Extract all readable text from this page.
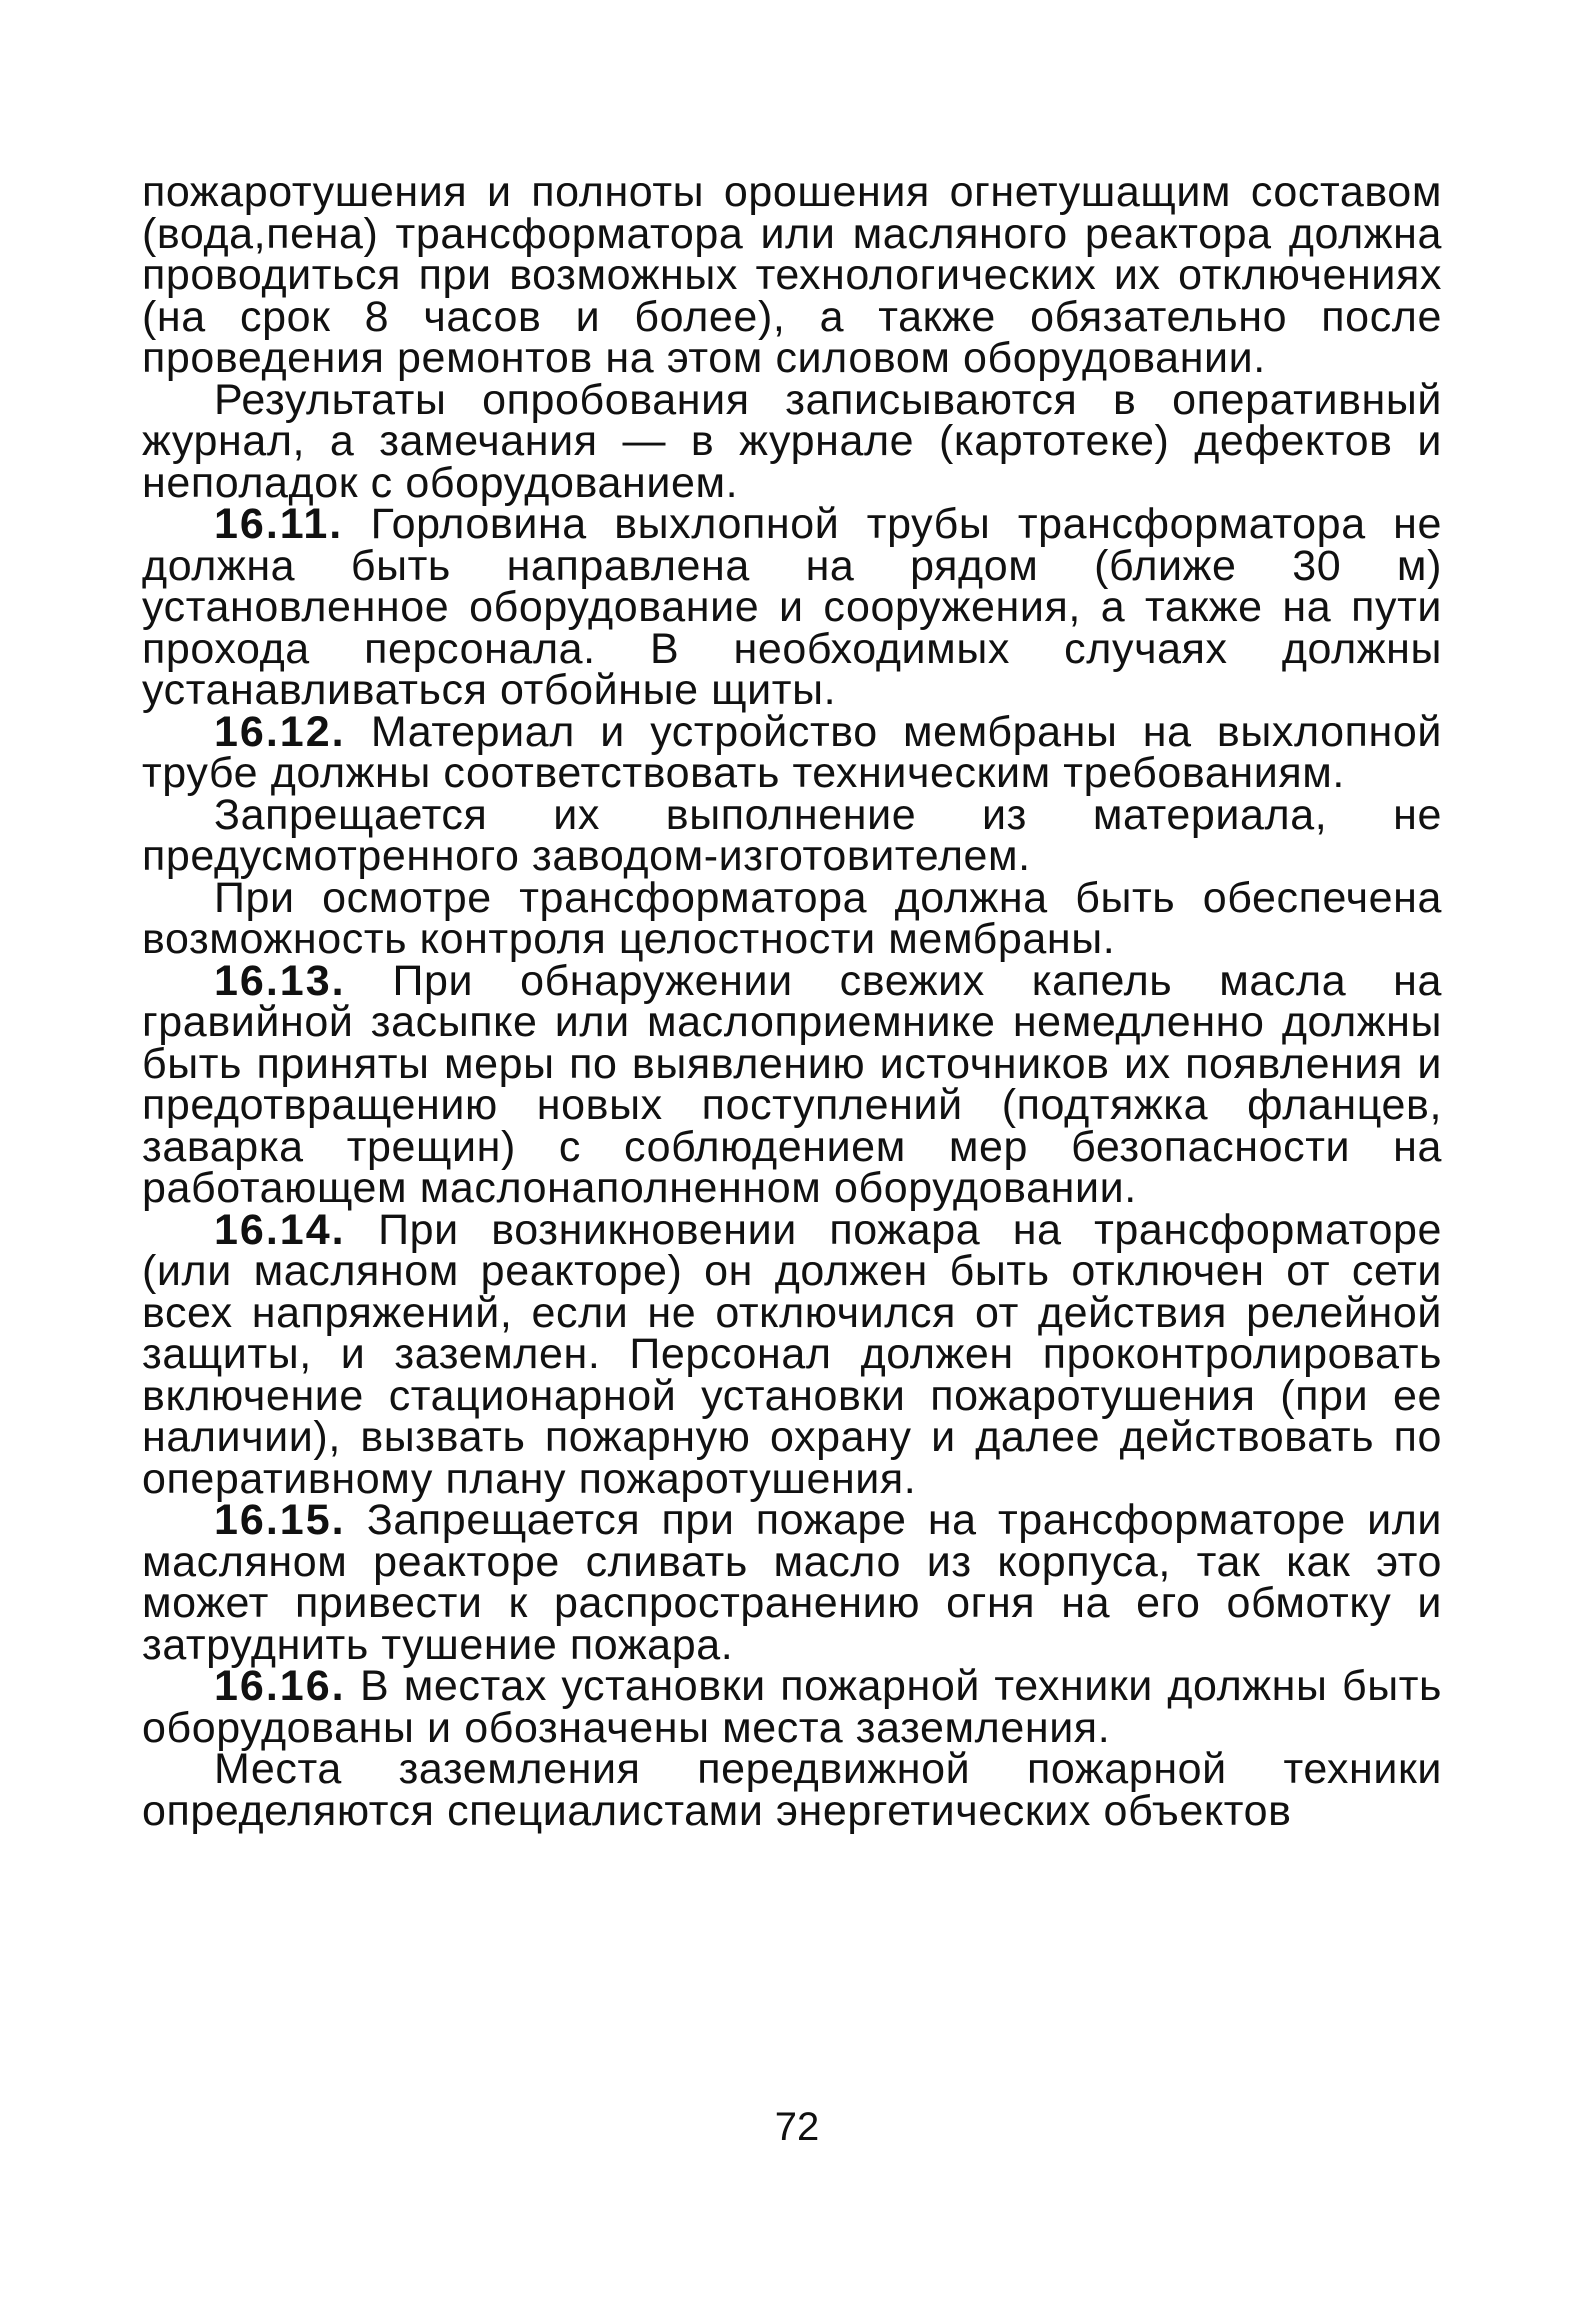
пожаротушения и полноты орошения огнетушащим составом (вода,пена) трансформатора или масляного реактора должна проводиться при возможных технологических их отключениях (на срок 8 часов и более), а также обязательно после проведения ремонтов на этом силовом оборудовании.

Результаты опробования записываются в оперативный журнал, а замечания — в журнале (картотеке) дефектов и неполадок с оборудованием.

16.11. Горловина выхлопной трубы трансформатора не должна быть направлена на рядом (ближе 30 м) установленное оборудование и сооружения, а также на пути прохода персонала. В необходимых случаях должны устанавливаться отбойные щиты.

16.12. Материал и устройство мембраны на выхлопной трубе должны соответствовать техническим требованиям.

Запрещается их выполнение из материала, не предусмотренного заводом-изготовителем.

При осмотре трансформатора должна быть обеспечена возможность контроля целостности мембраны.

16.13. При обнаружении свежих капель масла на гравийной засыпке или маслоприемнике немедленно должны быть приняты меры по выявлению источников их появления и предотвращению новых поступлений (подтяжка фланцев, заварка трещин) с соблюдением мер безопасности на работающем маслонаполненном оборудовании.

16.14. При возникновении пожара на трансформаторе (или масляном реакторе) он должен быть отключен от сети всех напряжений, если не отключился от действия релейной защиты, и заземлен. Персонал должен проконтролировать включение стационарной установки пожаротушения (при ее наличии), вызвать пожарную охрану и далее действовать по оперативному плану пожаротушения.

16.15. Запрещается при пожаре на трансформаторе или масляном реакторе сливать масло из корпуса, так как это может привести к распространению огня на его обмотку и затруднить тушение пожара.

16.16. В местах установки пожарной техники должны быть оборудованы и обозначены места заземления.

Места заземления передвижной пожарной техники определяются специалистами энергетических объектов

72
